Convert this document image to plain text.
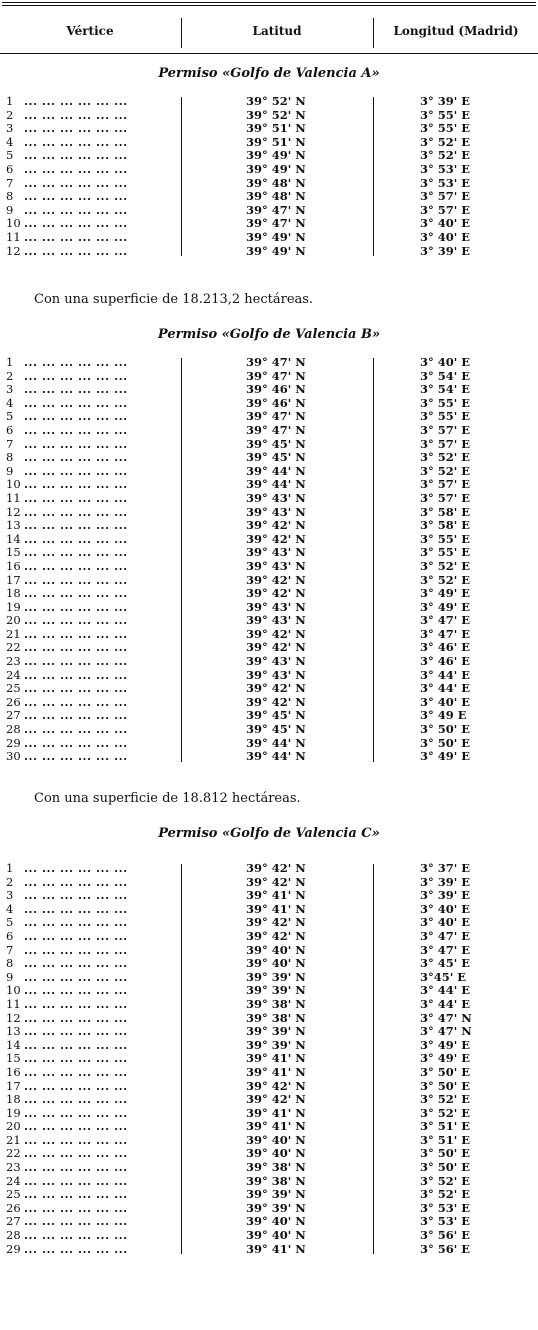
Vértice	Latitud	Longitud (Madrid)
Permiso «Golfo de Valencia A»
1 ... ... ... ... ... ...	39° 52' N	3° 39' E
2 ... ... ... ... ... ...	39° 52' N	3° 55' E
3 ... ... ... ... ... ...	39° 51' N	3° 55' E
4 ... ... ... ... ... ...	39° 51' N	3° 52' E
5 ... ... ... ... ... ...	39° 49' N	3° 52' E
6 ... ... ... ... ... ...	39° 49' N	3° 53' E
7 ... ... ... ... ... ...	39° 48' N	3° 53' E
8 ... ... ... ... ... ...	39° 48' N	3° 57' E
9 ... ... ... ... ... ...	39° 47' N	3° 57' E
10 ... ... ... ... ... ...	39° 47' N	3° 40' E
11 ... ... ... ... ... ...	39° 49' N	3° 40' E
12 ... ... ... ... ... ...	39° 49' N	3° 39' E
Con una superficie de 18.213,2 hectáreas.
Permiso «Golfo de Valencia B»
1 ... ... ... ... ... ...	39° 47' N	3° 40' E
2 ... ... ... ... ... ...	39° 47' N	3° 54' E
3 ... ... ... ... ... ...	39° 46' N	3° 54' E
4 ... ... ... ... ... ...	39° 46' N	3° 55' E
5 ... ... ... ... ... ...	39° 47' N	3° 55' E
6 ... ... ... ... ... ...	39° 47' N	3° 57' E
7 ... ... ... ... ... ...	39° 45' N	3° 57' E
8 ... ... ... ... ... ...	39° 45' N	3° 52' E
9 ... ... ... ... ... ...	39° 44' N	3° 52' E
10 ... ... ... ... ... ...	39° 44' N	3° 57' E
11 ... ... ... ... ... ...	39° 43' N	3° 57' E
12 ... ... ... ... ... ...	39° 43' N	3° 58' E
13 ... ... ... ... ... ...	39° 42' N	3° 58' E
14 ... ... ... ... ... ...	39° 42' N	3° 55' E
15 ... ... ... ... ... ...	39° 43' N	3° 55' E
16 ... ... ... ... ... ...	39° 43' N	3° 52' E
17 ... ... ... ... ... ...	39° 42' N	3° 52' E
18 ... ... ... ... ... ...	39° 42' N	3° 49' E
19 ... ... ... ... ... ...	39° 43' N	3° 49' E
20 ... ... ... ... ... ...	39° 43' N	3° 47' E
21 ... ... ... ... ... ...	39° 42' N	3° 47' E
22 ... ... ... ... ... ...	39° 42' N	3° 46' E
23 ... ... ... ... ... ...	39° 43' N	3° 46' E
24 ... ... ... ... ... ...	39° 43' N	3° 44' E
25 ... ... ... ... ... ...	39° 42' N	3° 44' E
26 ... ... ... ... ... ...	39° 42' N	3° 40' E
27 ... ... ... ... ... ...	39° 45' N	3° 49 E
28 ... ... ... ... ... ...	39° 45' N	3° 50' E
29 ... ... ... ... ... ...	39° 44' N	3° 50' E
30 ... ... ... ... ... ...	39° 44' N	3° 49' E
Con una superficie de 18.812 hectáreas.
Permiso «Golfo de Valencia C»
1 ... ... ... ... ... ...	39° 42' N	3° 37' E
2 ... ... ... ... ... ...	39° 42' N	3° 39' E
3 ... ... ... ... ... ...	39° 41' N	3° 39' E
4 ... ... ... ... ... ...	39° 41' N	3° 40' E
5 ... ... ... ... ... ...	39° 42' N	3° 40' E
6 ... ... ... ... ... ...	39° 42' N	3° 47' E
7 ... ... ... ... ... ...	39° 40' N	3° 47' E
8 ... ... ... ... ... ...	39° 40' N	3° 45' E
9 ... ... ... ... ... ...	39° 39' N	3°45' E
10 ... ... ... ... ... ...	39° 39' N	3° 44' E
11 ... ... ... ... ... ...	39° 38' N	3° 44' E
12 ... ... ... ... ... ...	39° 38' N	3° 47' N
13 ... ... ... ... ... ...	39° 39' N	3° 47' N
14 ... ... ... ... ... ...	39° 39' N	3° 49' E
15 ... ... ... ... ... ...	39° 41' N	3° 49' E
16 ... ... ... ... ... ...	39° 41' N	3° 50' E
17 ... ... ... ... ... ...	39° 42' N	3° 50' E
18 ... ... ... ... ... ...	39° 42' N	3° 52' E
19 ... ... ... ... ... ...	39° 41' N	3° 52' E
20 ... ... ... ... ... ...	39° 41' N	3° 51' E
21 ... ... ... ... ... ...	39° 40' N	3° 51' E
22 ... ... ... ... ... ...	39° 40' N	3° 50' E
23 ... ... ... ... ... ...	39° 38' N	3° 50' E
24 ... ... ... ... ... ...	39° 38' N	3° 52' E
25 ... ... ... ... ... ...	39° 39' N	3° 52' E
26 ... ... ... ... ... ...	39° 39' N	3° 53' E
27 ... ... ... ... ... ...	39° 40' N	3° 53' E
28 ... ... ... ... ... ...	39° 40' N	3° 56' E
29 ... ... ... ... ... ...	39° 41' N	3° 56' E
